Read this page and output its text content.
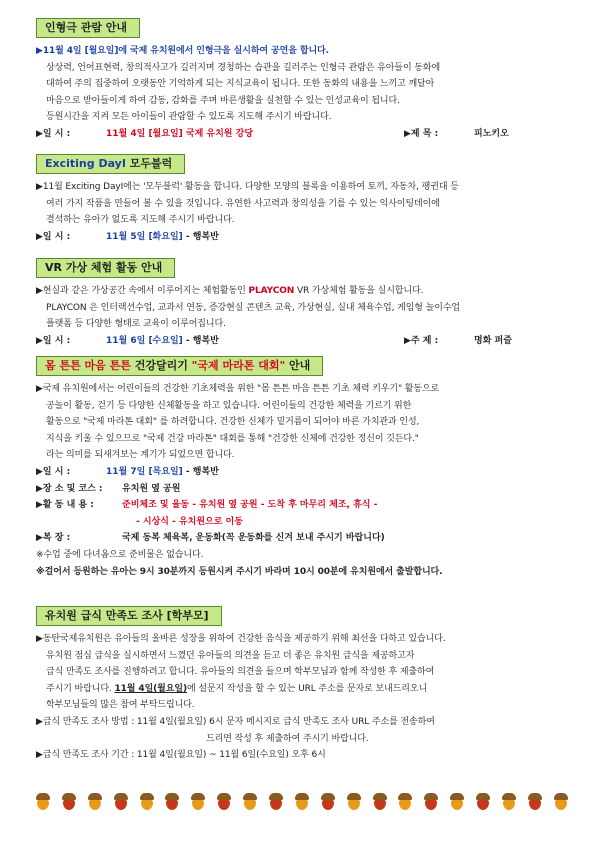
인형극 관람 안내

▶11월 4일 [월요일]에 국제 유치원에서 인형극을 실시하여 공연을 합니다.

상상력, 언어표현력, 창의적사고가 길러지며 경청하는 습관을 길러주는 인형극 관람은 유아들이 동화에

대하여 주의 집중하여 오랫동안 기억하게 되는 지식교육이 됩니다. 또한 동화의 내용을 느끼고 깨달아

마음으로 받아들이게 하여 감동, 감화를 주며 바른생활을 실천할 수 있는 인성교육이 됩니다.

등원시간을 지켜 모든 아이들이 관람할 수 있도록 지도해 주시기 바랍니다.

▶일 시 :	11월 4일 [월요일] 국제 유치원 강당	▶제 목 :	피노키오
Exciting DayⅠ 모두블럭

▶11월 Exciting DayⅠ에는 '모두블럭' 활동을 합니다. 다양한 모양의 블록을 이용하여 토끼, 자동차, 팽귄대 등

여러 가지 작품을 만들어 볼 수 있을 것입니다. 유연한 사고력과 창의성을 기를 수 있는 익사이팅데이에

결석하는 유아가 없도록 지도해 주시기 바랍니다.

▶일 시 :	11월 5일 [화요일] - 행복반
VR 가상 체험 활동 안내

▶현실과 같은 가상공간 속에서 이루어지는 체험활동인 PLAYCON VR 가상체험 활동을 실시합니다.

PLAYCON 은 인터랙션수업, 교과서 연동, 증강현실 콘텐츠 교육, 가상현실, 실내 체육수업, 게임형 놀이수업

플랫폼 등 다양한 형태로 교육이 이루어집니다.

▶일 시 :	11월 6일 [수요일] - 행복반	▶주 제 :	명화 퍼즐
몸 튼튼 마음 튼튼 건강달리기 "국제 마라톤 대회" 안내

▶국제 유치원에서는 어린이들의 건강한 기초체력을 위한 "몸 튼튼 마음 튼튼 기초 체력 키우기" 활동으로

공놀이 활동, 걷기 등 다양한 신체활동을 하고 있습니다. 어린이들의 건강한 체력을 기르기 위한

활동으로 "국제 마라톤 대회" 를 하려합니다. 건강한 신체가 밑거름이 되어야 바른 가치관과 인성,

지식을 키울 수 있으므로 "국제 건강 마라톤" 대회를 통해 "건강한 신체에 건강한 정신이 깃든다."

라는 의미를 되새겨보는 계기가 되었으면 합니다.

▶일 시 :	11월 7일 [목요일] - 행복반
▶장 소 및 코스 : 유치원 옆 공원
▶활 동 내 용 :	준비체조 및 율동 - 유치원 옆 공원 - 도착 후 마무리 체조, 휴식 -
- 시상식 - 유치원으로 이동
▶복 장 :	국제 동복 체육복, 운동화(꼭 운동화를 신겨 보내 주시기 바랍니다)

※수업 중에 다녀옴으로 준비물은 없습니다.

※걸어서 등원하는 유아는 9시 30분까지 등원시켜 주시기 바라며 10시 00분에 유치원에서 출발합니다.

유치원 급식 만족도 조사 [학부모]

▶동탄국제유치원은 유아들의 올바른 성장을 위하여 건강한 음식을 제공하기 위해 최선을 다하고 있습니다.

유치원 점심 급식을 실시하면서 느꼈던 유아들의 의견을 듣고 더 좋은 유치원 급식을 제공하고자

급식 만족도 조사를 진행하려고 합니다. 유아들의 의견을 들으며 학부모님과 함께 작성한 후 제출하여

주시기 바랍니다. 11월 4일(월요일)에 설문지 작성을 할 수 있는 URL 주소를 문자로 보내드리오니

학부모님들의 많은 참여 부탁드립니다.

▶급식 만족도 조사 방법 : 11월 4일(월요일) 6시 문자 메시지로 급식 만족도 조사 URL 주소를 전송하여

드리면 작성 후 제출하여 주시기 바랍니다.

▶급식 만족도 조사 기간 : 11월 4일(월요일) ~ 11월 6일(수요일) 오후 6시
